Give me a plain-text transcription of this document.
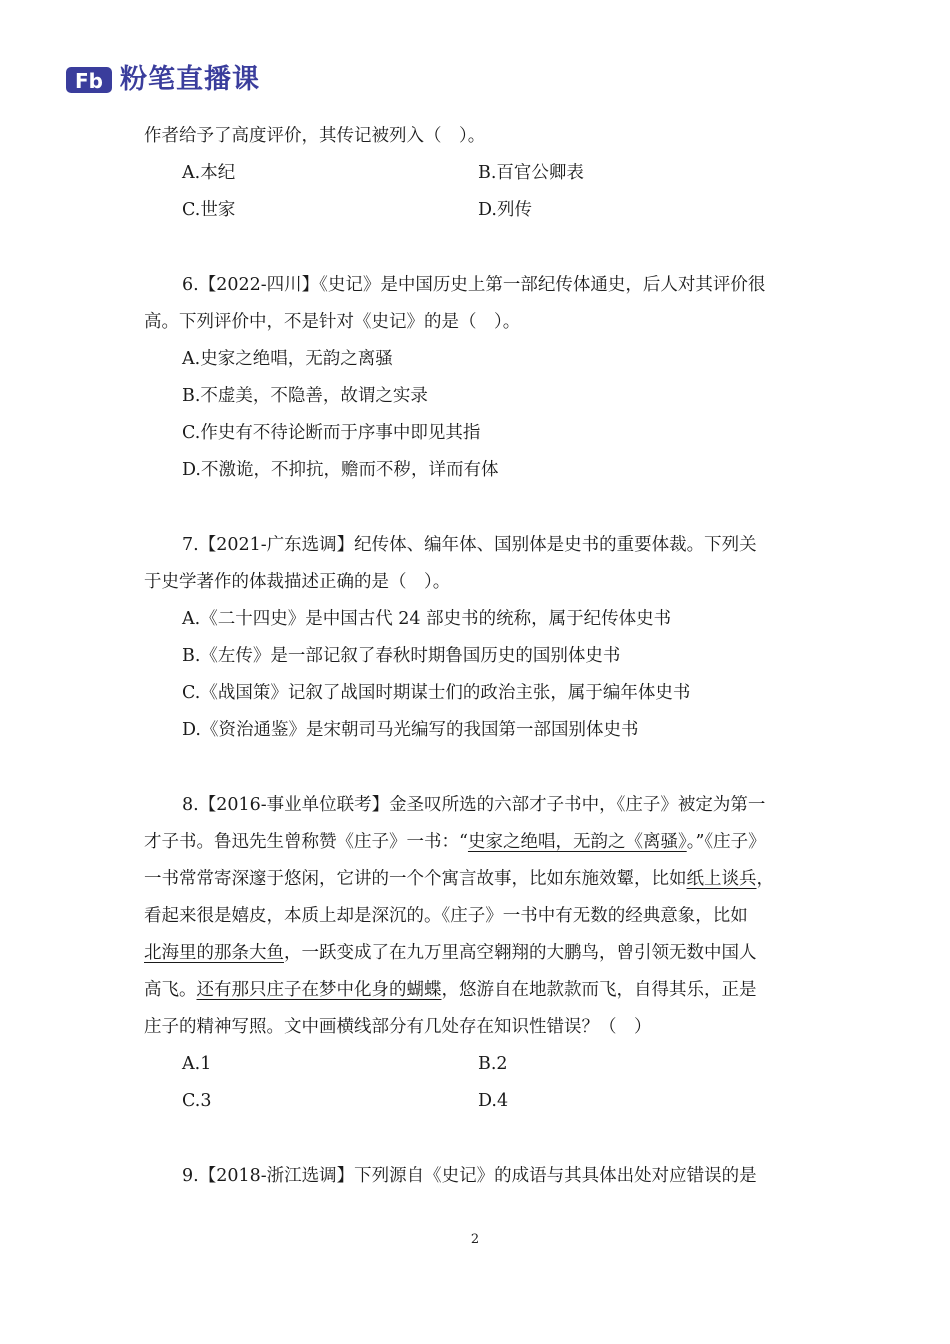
Fb 粉笔直播课
作者给予了高度评价，其传记被列入（　）。
A.本纪	B.百官公卿表
C.世家	D.列传
6.【2022-四川】《史记》是中国历史上第一部纪传体通史，后人对其评价很
高。下列评价中，不是针对《史记》的是（　）。
A.史家之绝唱，无韵之离骚
B.不虚美，不隐善，故谓之实录
C.作史有不待论断而于序事中即见其指
D.不激诡，不抑抗，赡而不秽，详而有体
7.【2021-广东选调】纪传体、编年体、国别体是史书的重要体裁。下列关
于史学著作的体裁描述正确的是（　）。
A.《二十四史》是中国古代 24 部史书的统称，属于纪传体史书
B.《左传》是一部记叙了春秋时期鲁国历史的国别体史书
C.《战国策》记叙了战国时期谋士们的政治主张，属于编年体史书
D.《资治通鉴》是宋朝司马光编写的我国第一部国别体史书
8.【2016-事业单位联考】金圣叹所选的六部才子书中，《庄子》被定为第一
才子书。鲁迅先生曾称赞《庄子》一书：“史家之绝唱，无韵之《离骚》。”《庄子》
一书常常寄深邃于悠闲，它讲的一个个寓言故事，比如东施效颦，比如纸上谈兵，
看起来很是嬉皮，本质上却是深沉的。《庄子》一书中有无数的经典意象，比如
北海里的那条大鱼，一跃变成了在九万里高空翱翔的大鹏鸟，曾引领无数中国人
高飞。还有那只庄子在梦中化身的蝴蝶，悠游自在地款款而飞，自得其乐，正是
庄子的精神写照。文中画横线部分有几处存在知识性错误？（　）
A.1	B.2
C.3	D.4
9.【2018-浙江选调】下列源自《史记》的成语与其具体出处对应错误的是
2
